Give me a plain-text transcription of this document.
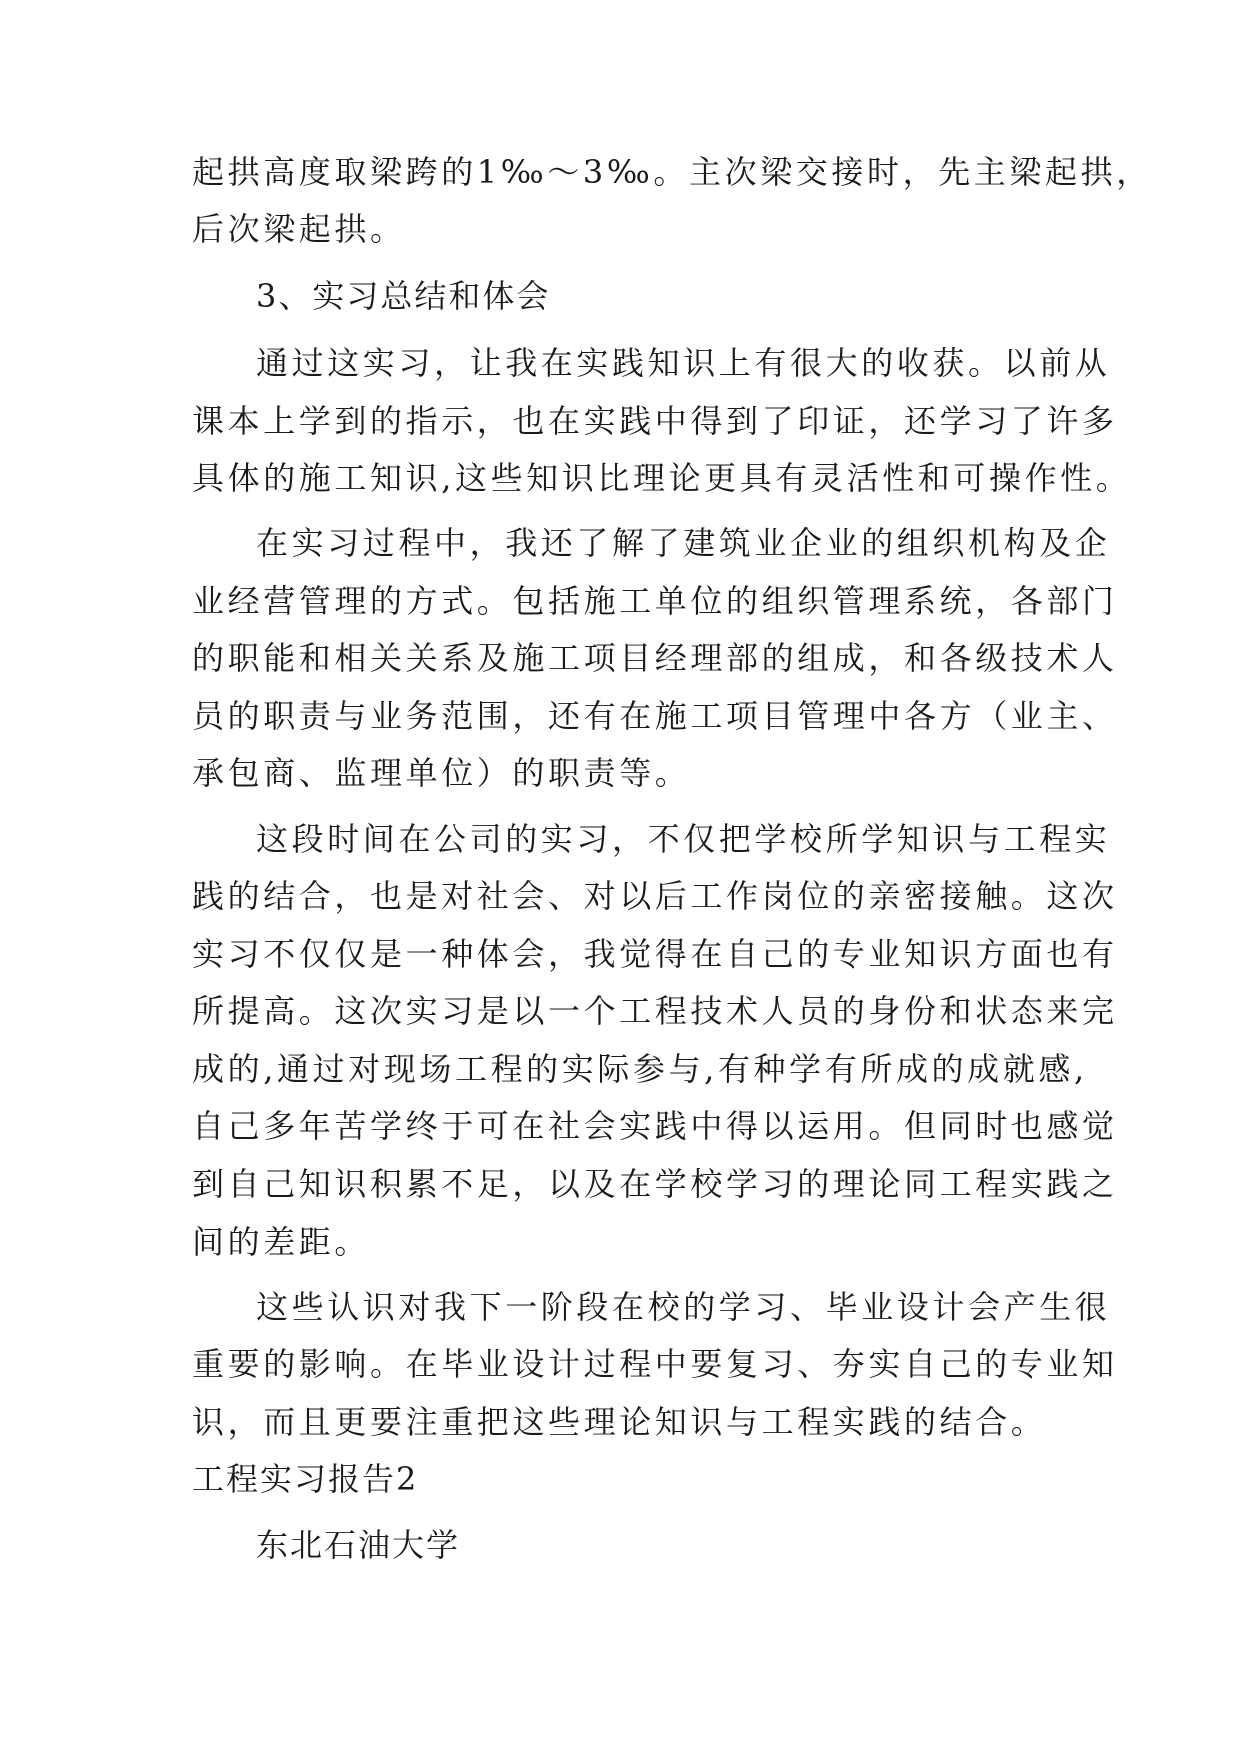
起拱高度取梁跨的1‰～3‰。主次梁交接时，先主梁起拱，
后次梁起拱。
3、实习总结和体会
通过这实习，让我在实践知识上有很大的收获。以前从
课本上学到的指示，也在实践中得到了印证，还学习了许多
具体的施工知识,这些知识比理论更具有灵活性和可操作性。
在实习过程中，我还了解了建筑业企业的组织机构及企
业经营管理的方式。包括施工单位的组织管理系统，各部门
的职能和相关关系及施工项目经理部的组成，和各级技术人
员的职责与业务范围，还有在施工项目管理中各方（业主、
承包商、监理单位）的职责等。
这段时间在公司的实习，不仅把学校所学知识与工程实
践的结合，也是对社会、对以后工作岗位的亲密接触。这次
实习不仅仅是一种体会，我觉得在自己的专业知识方面也有
所提高。这次实习是以一个工程技术人员的身份和状态来完
成的,通过对现场工程的实际参与,有种学有所成的成就感,
自己多年苦学终于可在社会实践中得以运用。但同时也感觉
到自己知识积累不足，以及在学校学习的理论同工程实践之
间的差距。
这些认识对我下一阶段在校的学习、毕业设计会产生很
重要的影响。在毕业设计过程中要复习、夯实自己的专业知
识，而且更要注重把这些理论知识与工程实践的结合。
工程实习报告2
东北石油大学
